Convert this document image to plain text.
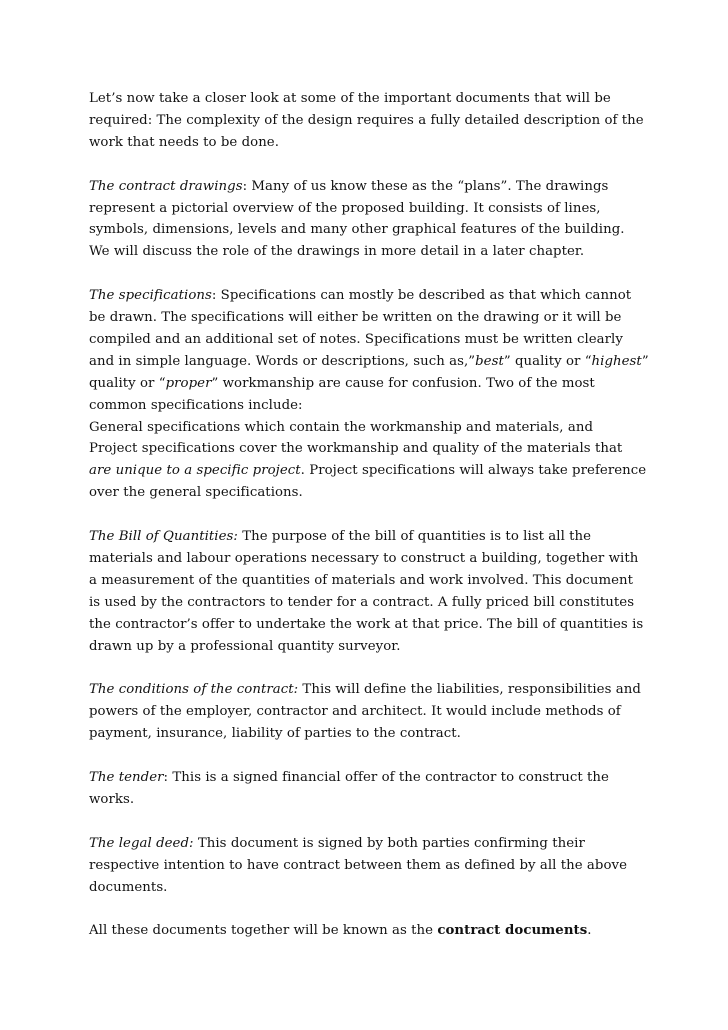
Let’s now take a closer look at some of the important documents that will be
required: The complexity of the design requires a fully detailed description of the
work that needs to be done.

The contract drawings: Many of us know these as the “plans”. The drawings
represent a pictorial overview of the proposed building. It consists of lines,
symbols, dimensions, levels and many other graphical features of the building.
We will discuss the role of the drawings in more detail in a later chapter.

The specifications: Specifications can mostly be described as that which cannot
be drawn. The specifications will either be written on the drawing or it will be
compiled and an additional set of notes. Specifications must be written clearly
and in simple language. Words or descriptions, such as,”best” quality or “highest”
quality or “proper” workmanship are cause for confusion. Two of the most
common specifications include:
General specifications which contain the workmanship and materials, and
Project specifications cover the workmanship and quality of the materials that
are unique to a specific project. Project specifications will always take preference
over the general specifications.

The Bill of Quantities: The purpose of the bill of quantities is to list all the
materials and labour operations necessary to construct a building, together with
a measurement of the quantities of materials and work involved. This document
is used by the contractors to tender for a contract. A fully priced bill constitutes
the contractor’s offer to undertake the work at that price. The bill of quantities is
drawn up by a professional quantity surveyor.

The conditions of the contract: This will define the liabilities, responsibilities and
powers of the employer, contractor and architect. It would include methods of
payment, insurance, liability of parties to the contract.

The tender: This is a signed financial offer of the contractor to construct the
works.

The legal deed: This document is signed by both parties confirming their
respective intention to have contract between them as defined by all the above
documents.

All these documents together will be known as the contract documents.
